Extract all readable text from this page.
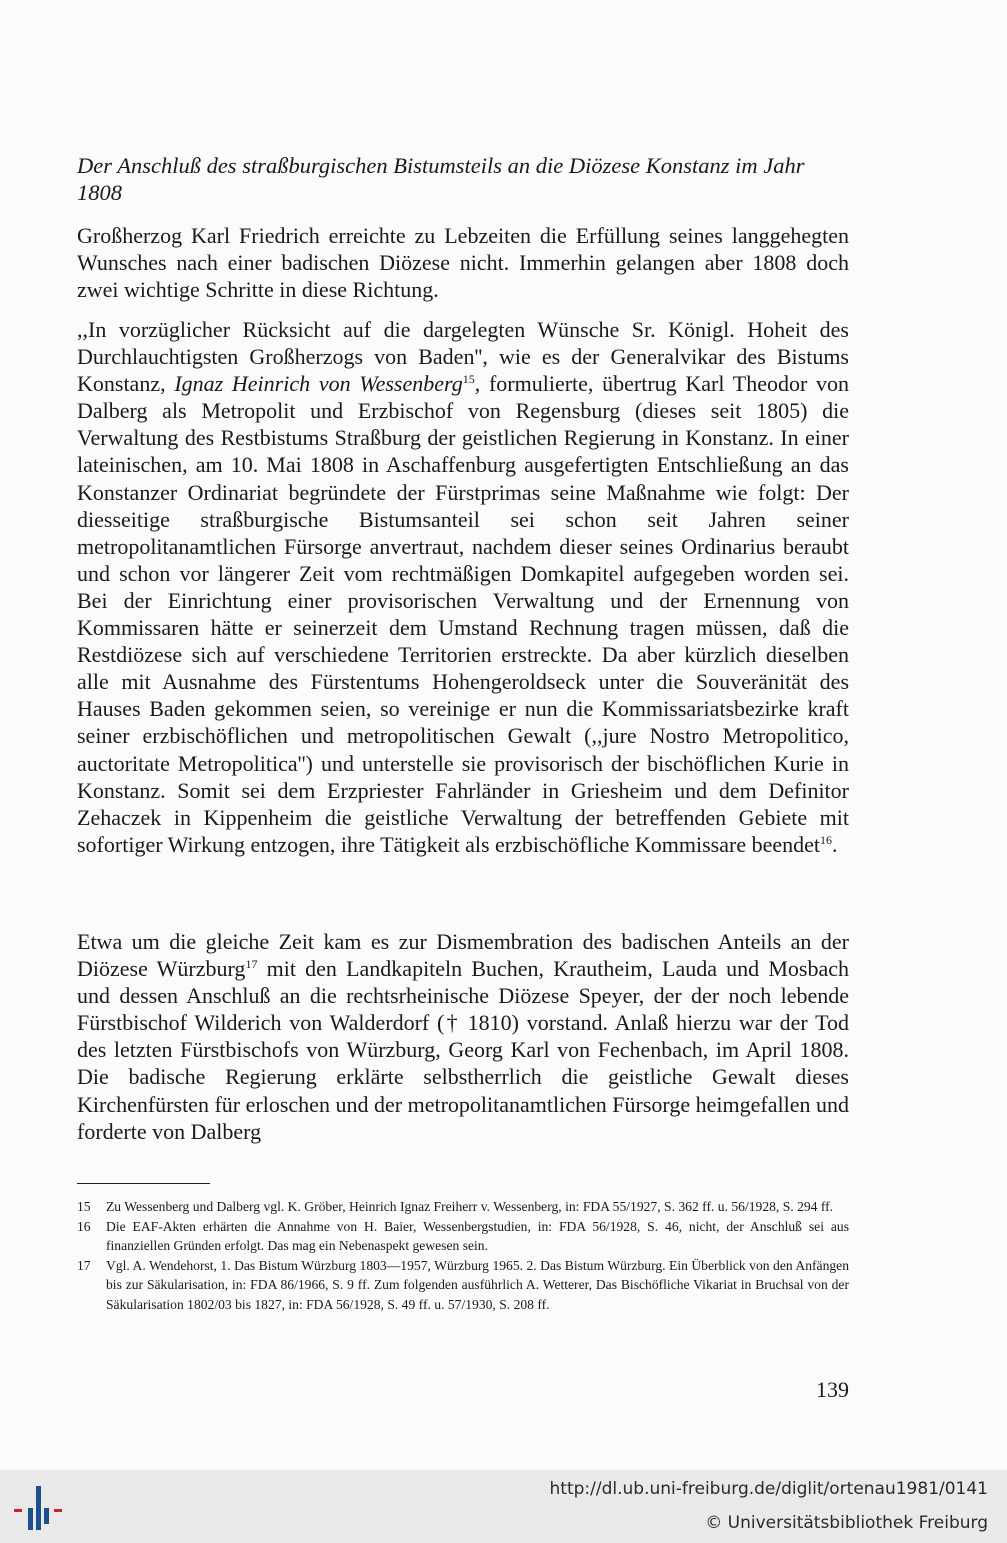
Der Anschluß des straßburgischen Bistumsteils an die Diözese Konstanz im Jahr 1808

Großherzog Karl Friedrich erreichte zu Lebzeiten die Erfüllung seines langgehegten Wunsches nach einer badischen Diözese nicht. Immerhin gelangen aber 1808 doch zwei wichtige Schritte in diese Richtung.

,,In vorzüglicher Rücksicht auf die dargelegten Wünsche Sr. Königl. Hoheit des Durchlauchtigsten Großherzogs von Baden'', wie es der Generalvikar des Bistums Konstanz, Ignaz Heinrich von Wessenberg$^{15}$, formulierte, übertrug Karl Theodor von Dalberg als Metropolit und Erzbischof von Regensburg (dieses seit 1805) die Verwaltung des Restbistums Straßburg der geistlichen Regierung in Konstanz. In einer lateinischen, am 10. Mai 1808 in Aschaffenburg ausgefertigten Entschließung an das Konstanzer Ordinariat begründete der Fürstprimas seine Maßnahme wie folgt: Der diesseitige straßburgische Bistumsanteil sei schon seit Jahren seiner metropolitanamtlichen Fürsorge anvertraut, nachdem dieser seines Ordinarius beraubt und schon vor längerer Zeit vom rechtmäßigen Domkapitel aufgegeben worden sei. Bei der Einrichtung einer provisorischen Verwaltung und der Ernennung von Kommissaren hätte er seinerzeit dem Umstand Rechnung tragen müssen, daß die Restdiözese sich auf verschiedene Territorien erstreckte. Da aber kürzlich dieselben alle mit Ausnahme des Fürstentums Hohengeroldseck unter die Souveränität des Hauses Baden gekommen seien, so vereinige er nun die Kommissariatsbezirke kraft seiner erzbischöflichen und metropolitischen Gewalt (,,jure Nostro Metropolitico, auctoritate Metropolitica'') und unterstelle sie provisorisch der bischöflichen Kurie in Konstanz. Somit sei dem Erzpriester Fahrländer in Griesheim und dem Definitor Zehaczek in Kippenheim die geistliche Verwaltung der betreffenden Gebiete mit sofortiger Wirkung entzogen, ihre Tätigkeit als erzbischöfliche Kommissare beendet$^{16}$.

Etwa um die gleiche Zeit kam es zur Dismembration des badischen Anteils an der Diözese Würzburg$^{17}$ mit den Landkapiteln Buchen, Krautheim, Lauda und Mosbach und dessen Anschluß an die rechtsrheinische Diözese Speyer, der der noch lebende Fürstbischof Wilderich von Walderdorf († 1810) vorstand. Anlaß hierzu war der Tod des letzten Fürstbischofs von Würzburg, Georg Karl von Fechenbach, im April 1808. Die badische Regierung erklärte selbstherrlich die geistliche Gewalt dieses Kirchenfürsten für erloschen und der metropolitanamtlichen Fürsorge heimgefallen und forderte von Dalberg

15	Zu Wessenberg und Dalberg vgl. K. Gröber, Heinrich Ignaz Freiherr v. Wessenberg, in: FDA 55/1927, S. 362 ff. u. 56/1928, S. 294 ff.
16	Die EAF-Akten erhärten die Annahme von H. Baier, Wessenbergstudien, in: FDA 56/1928, S. 46, nicht, der Anschluß sei aus finanziellen Gründen erfolgt. Das mag ein Nebenaspekt gewesen sein.
17	Vgl. A. Wendehorst, 1. Das Bistum Würzburg 1803—1957, Würzburg 1965. 2. Das Bistum Würzburg. Ein Überblick von den Anfängen bis zur Säkularisation, in: FDA 86/1966, S. 9 ff. Zum folgenden ausführlich A. Wetterer, Das Bischöfliche Vikariat in Bruchsal von der Säkularisation 1802/03 bis 1827, in: FDA 56/1928, S. 49 ff. u. 57/1930, S. 208 ff.
139
http://dl.ub.uni-freiburg.de/diglit/ortenau1981/0141
© Universitätsbibliothek Freiburg
